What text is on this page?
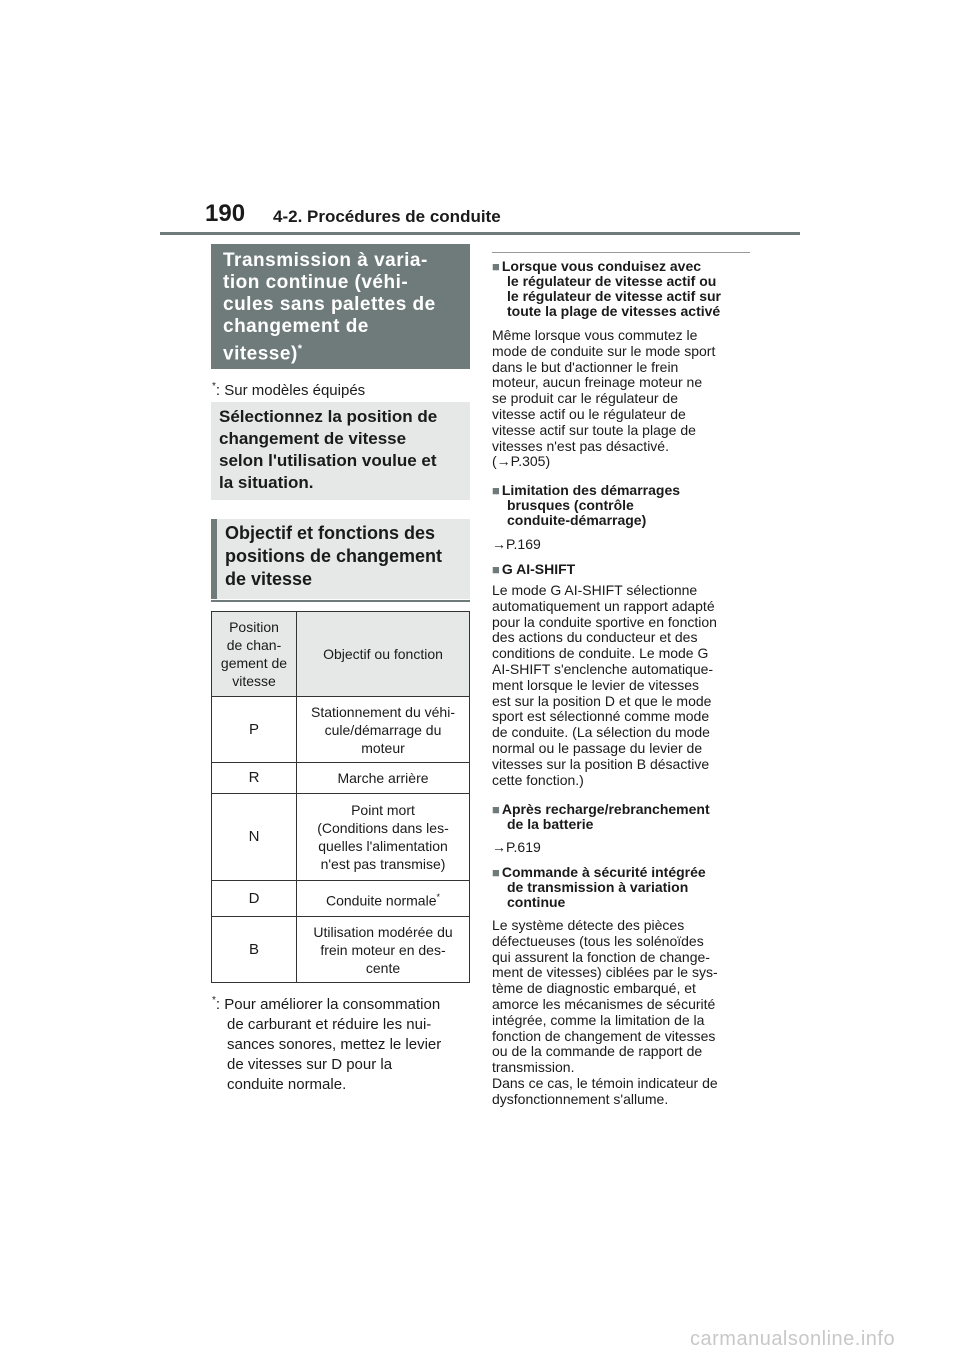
190 4-2. Procédures de conduite
Transmission à varia-
tion continue (véhi-
cules sans palettes de
changement de
vitesse)*
*: Sur modèles équipés
Sélectionnez la position de
changement de vitesse
selon l'utilisation voulue et
la situation.
Objectif et fonctions des
positions de changement
de vitesse
Position
de chan-
gement de
vitesse	Objectif ou fonction

P	Stationnement du véhi-
cule/démarrage du
moteur

R	Marche arrière

N	Point mort
(Conditions dans les-
quelles l'alimentation
n'est pas transmise)

D	Conduite normale*
B	Utilisation modérée du
frein moteur en des-
cente
*: Pour améliorer la consommation
de carburant et réduire les nui-
sances sonores, mettez le levier
de vitesses sur D pour la
conduite normale.
■ Lorsque vous conduisez avec
le régulateur de vitesse actif ou
le régulateur de vitesse actif sur
toute la plage de vitesses activé
Même lorsque vous commutez le
mode de conduite sur le mode sport
dans le but d'actionner le frein
moteur, aucun freinage moteur ne
se produit car le régulateur de
vitesse actif ou le régulateur de
vitesse actif sur toute la plage de
vitesses n'est pas désactivé.
(→P.305)
■ Limitation des démarrages
brusques (contrôle
conduite-démarrage)
→P.169
■ G AI-SHIFT
Le mode G AI-SHIFT sélectionne
automatiquement un rapport adapté
pour la conduite sportive en fonction
des actions du conducteur et des
conditions de conduite. Le mode G
AI-SHIFT s'enclenche automatique-
ment lorsque le levier de vitesses
est sur la position D et que le mode
sport est sélectionné comme mode
de conduite. (La sélection du mode
normal ou le passage du levier de
vitesses sur la position B désactive
cette fonction.)
■ Après recharge/rebranchement
de la batterie
→P.619
■ Commande à sécurité intégrée
de transmission à variation
continue
Le système détecte des pièces
défectueuses (tous les solénoïdes
qui assurent la fonction de change-
ment de vitesses) ciblées par le sys-
tème de diagnostic embarqué, et
amorce les mécanismes de sécurité
intégrée, comme la limitation de la
fonction de changement de vitesses
ou de la commande de rapport de
transmission.
Dans ce cas, le témoin indicateur de
dysfonctionnement s'allume.
carmanualsonline.info
